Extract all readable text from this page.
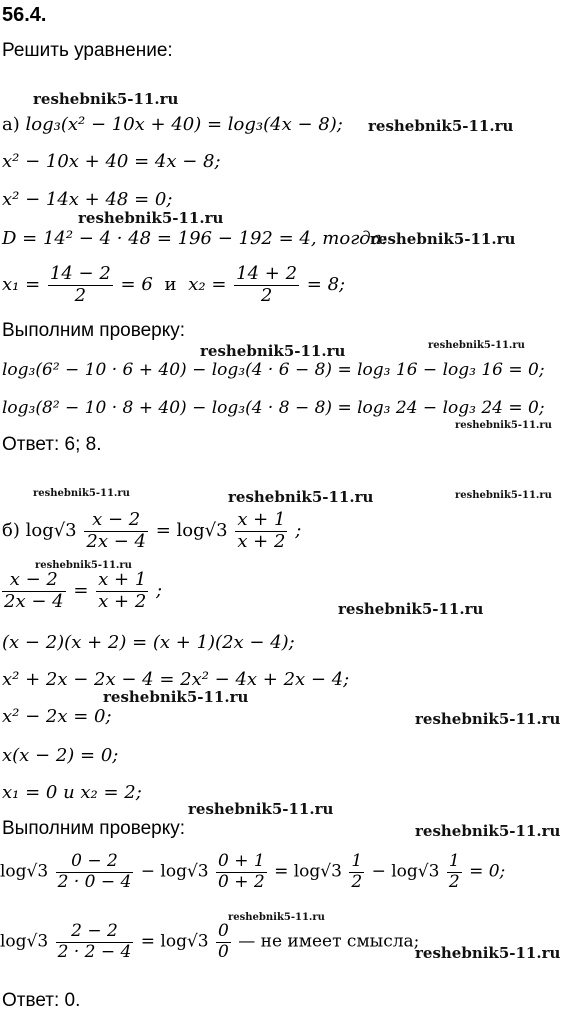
56.4.
Решить уравнение:
reshebnik5-11.ru
а) log₃(x² − 10x + 40) = log₃(4x − 8); reshebnik5-11.ru
x² − 10x + 40 = 4x − 8;
x² − 14x + 48 = 0;
reshebnik5-11.ru
D = 14² − 4 · 48 = 196 − 192 = 4, тогда:
reshebnik5-11.ru
$x_1 = \frac{14 - 2}{2} = 6$ и $x_2 = \frac{14 + 2}{2} = 8$;
Выполним проверку:
reshebnik5-11.ru	reshebnik5-11.ru
log₃(6² − 10 · 6 + 40) − log₃(4 · 6 − 8) = log₃ 16 − log₃ 16 = 0;
log₃(8² − 10 · 8 + 40) − log₃(4 · 8 − 8) = log₃ 24 − log₃ 24 = 0;
reshebnik5-11.ru
Ответ: 6; 8.
reshebnik5-11.ru	reshebnik5-11.ru	reshebnik5-11.ru
б) $\log√3 \frac{x - 2}{2x - 4} = \log√3 \frac{x + 1}{x + 2}$ ;
reshebnik5-11.ru
$\frac{x - 2}{2x - 4} = \frac{x + 1}{x + 2}$ ;
reshebnik5-11.ru
(x − 2)(x + 2) = (x + 1)(2x − 4);
x² + 2x − 2x − 4 = 2x² − 4x + 2x − 4;
reshebnik5-11.ru
x² − 2x = 0;	reshebnik5-11.ru
x(x − 2) = 0;
x₁ = 0 и x₂ = 2;
reshebnik5-11.ru
Выполним проверку:	reshebnik5-11.ru
$\log√3 \frac{0 - 2}{2 \cdot 0 - 4} - \log√3 \frac{0 + 1}{0 + 2} = \log√3 \frac{1}{2} - \log√3 \frac{1}{2} = 0$;
reshebnik5-11.ru
$\log√3 \frac{2 - 2}{2 \cdot 2 - 4} = \log√3 \frac{0}{0}$ — не имеет смысла;
reshebnik5-11.ru
Ответ: 0.
